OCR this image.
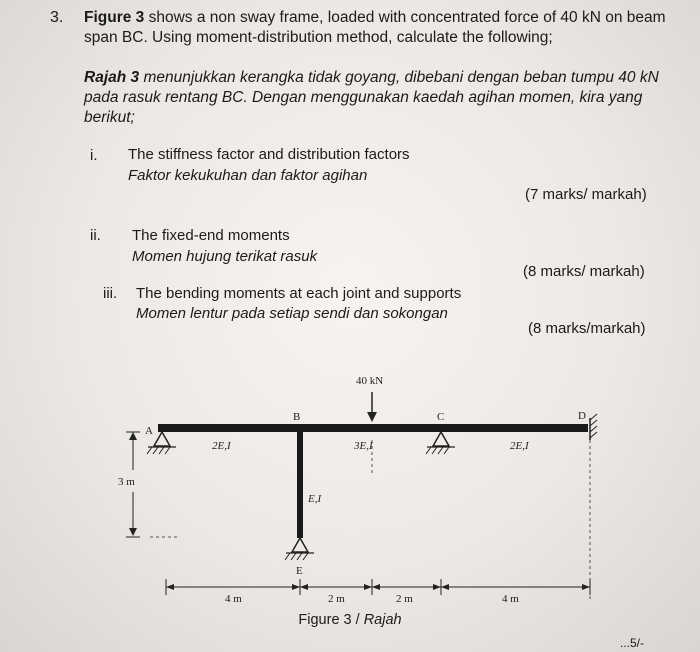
3. Figure 3 shows a non sway frame, loaded with concentrated force of 40 kN on beam span BC. Using moment-distribution method, calculate the following;
Rajah 3 menunjukkan kerangka tidak goyang, dibebani dengan beban tumpu 40 kN pada rasuk rentang BC. Dengan menggunakan kaedah agihan momen, kira yang berikut;
i. The stiffness factor and distribution factors
Faktor kekukuhan dan faktor agihan
(7 marks/ markah)
ii. The fixed-end moments
Momen hujung terikat rasuk
(8 marks/ markah)
iii. The bending moments at each joint and supports
Momen lentur pada setiap sendi dan sokongan
(8 marks/markah)
40 kN
A
B	C	D
E
2E,I	3E,I	2E,I
E,I
3 m
4 m	2 m	2 m	4 m
Figure 3 / Rajah
...5/-
